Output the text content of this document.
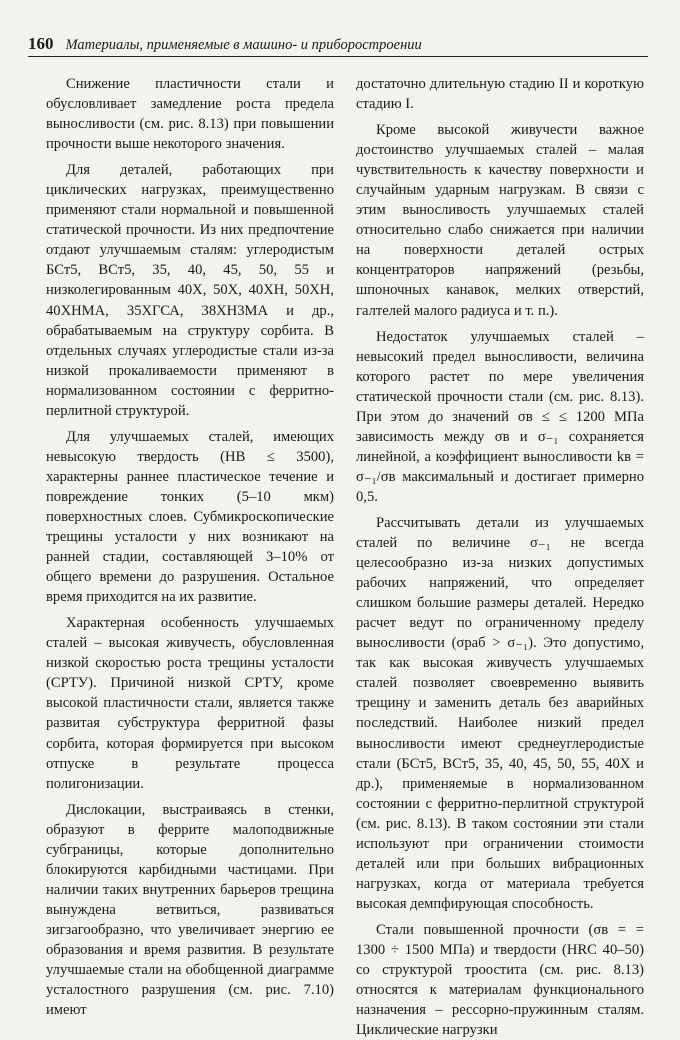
160 Материалы, применяемые в машино- и приборостроении

Снижение пластичности стали и обусловливает замедление роста предела выносливости (см. рис. 8.13) при повышении прочности выше некоторого значения.

Для деталей, работающих при циклических нагрузках, преимущественно применяют стали нормальной и повышенной статической прочности. Из них предпочтение отдают улучшаемым сталям: углеродистым БСт5, ВСт5, 35, 40, 45, 50, 55 и низколегированным 40Х, 50Х, 40ХН, 50ХН, 40ХНМА, 35ХГСА, 38ХН3МА и др., обрабатываемым на структуру сорбита. В отдельных случаях углеродистые стали из-за низкой прокаливаемости применяют в нормализованном состоянии с ферритно-перлитной структурой.

Для улучшаемых сталей, имеющих невысокую твердость (HB ≤ 3500), характерны раннее пластическое течение и повреждение тонких (5–10 мкм) поверхностных слоев. Субмикроскопические трещины усталости у них возникают на ранней стадии, составляющей 3–10% от общего времени до разрушения. Остальное время приходится на их развитие.

Характерная особенность улучшаемых сталей – высокая живучесть, обусловленная низкой скоростью роста трещины усталости (СРТУ). Причиной низкой СРТУ, кроме высокой пластичности стали, является также развитая субструктура ферритной фазы сорбита, которая формируется при высоком отпуске в результате процесса полигонизации.

Дислокации, выстраиваясь в стенки, образуют в феррите малоподвижные субграницы, которые дополнительно блокируются карбидными частицами. При наличии таких внутренних барьеров трещина вынуждена ветвиться, развиваться зигзагообразно, что увеличивает энергию ее образования и время развития. В результате улучшаемые стали на обобщенной диаграмме усталостного разрушения (см. рис. 7.10) имеют

достаточно длительную стадию II и короткую стадию I.

Кроме высокой живучести важное достоинство улучшаемых сталей – малая чувствительность к качеству поверхности и случайным ударным нагрузкам. В связи с этим выносливость улучшаемых сталей относительно слабо снижается при наличии на поверхности деталей острых концентраторов напряжений (резьбы, шпоночных канавок, мелких отверстий, галтелей малого радиуса и т. п.).

Недостаток улучшаемых сталей – невысокий предел выносливости, величина которого растет по мере увеличения статической прочности стали (см. рис. 8.13). При этом до значений σв ≤ ≤ 1200 МПа зависимость между σв и σ₋₁ сохраняется линейной, а коэффициент выносливости kв = σ₋₁/σв максимальный и достигает примерно 0,5.

Рассчитывать детали из улучшаемых сталей по величине σ₋₁ не всегда целесообразно из-за низких допустимых рабочих напряжений, что определяет слишком большие размеры деталей. Нередко расчет ведут по ограниченному пределу выносливости (σраб > σ₋₁). Это допустимо, так как высокая живучесть улучшаемых сталей позволяет своевременно выявить трещину и заменить деталь без аварийных последствий. Наиболее низкий предел выносливости имеют среднеуглеродистые стали (БСт5, ВСт5, 35, 40, 45, 50, 55, 40Х и др.), применяемые в нормализованном состоянии с ферритно-перлитной структурой (см. рис. 8.13). В таком состоянии эти стали используют при ограничении стоимости деталей или при больших вибрационных нагрузках, когда от материала требуется высокая демпфирующая способность.

Стали повышенной прочности (σв = = 1300 ÷ 1500 МПа) и твердости (HRC 40–50) со структурой троостита (см. рис. 8.13) относятся к материалам функционального назначения – рессорно-пружинным сталям. Циклические нагрузки
